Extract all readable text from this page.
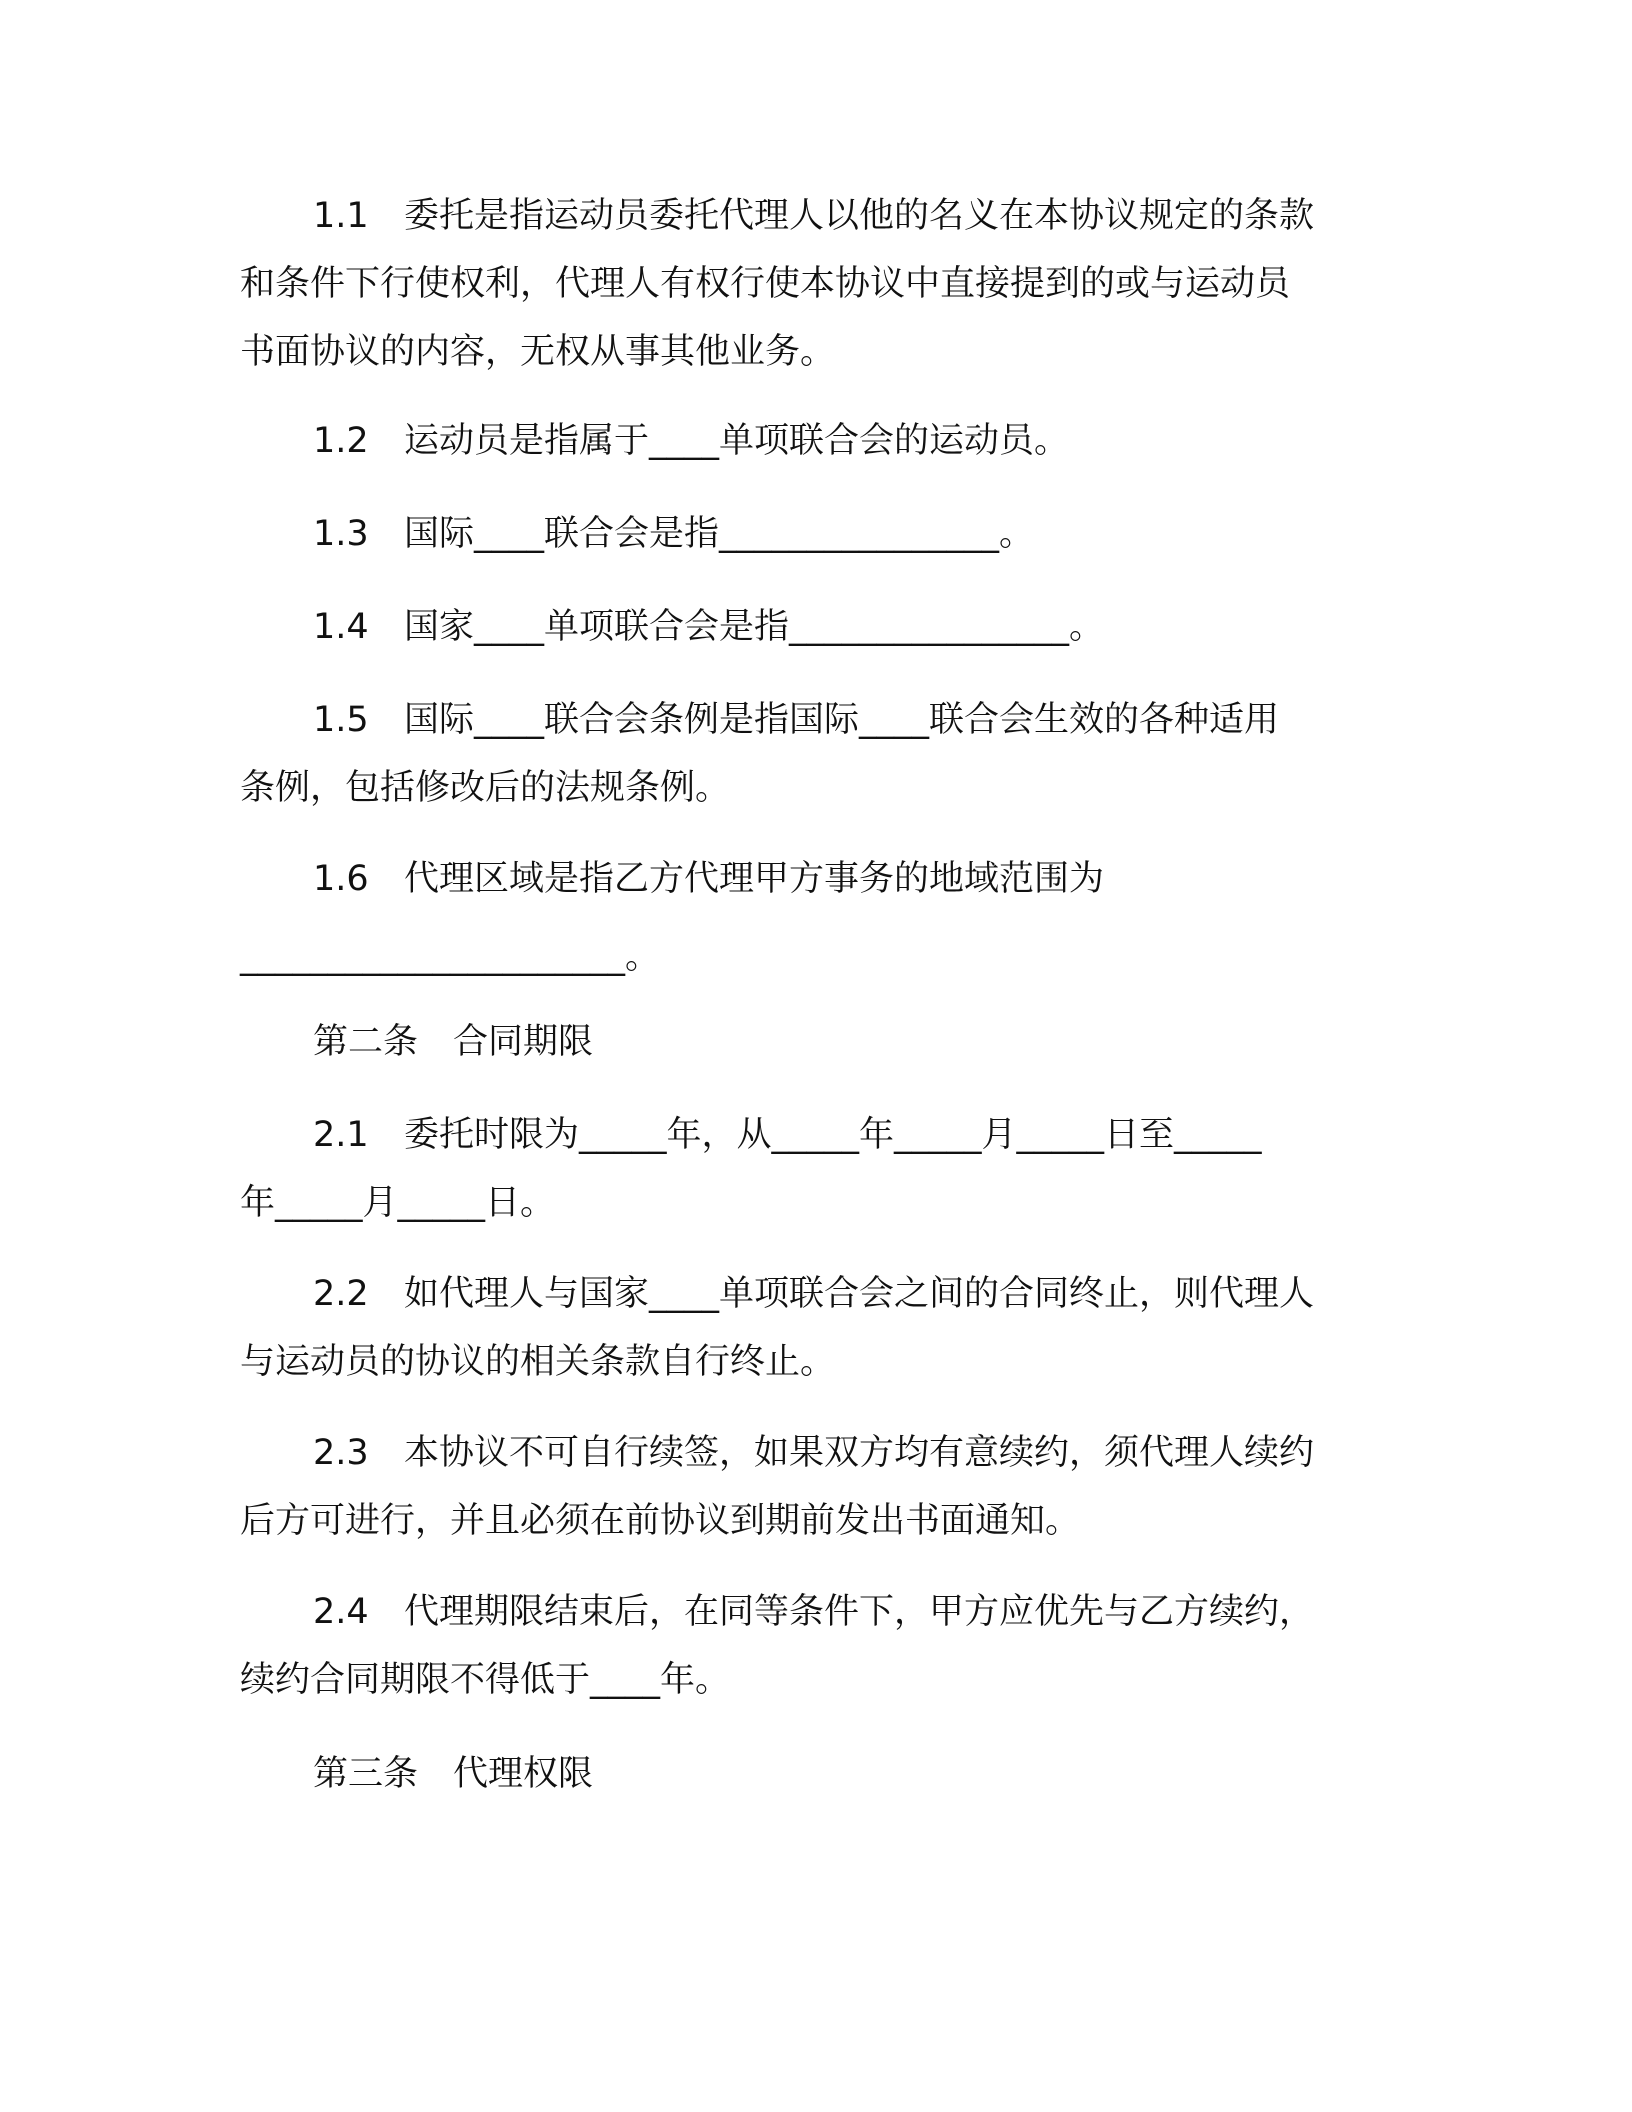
1.1 委托是指运动员委托代理人以他的名义在本协议规定的条款
和条件下行使权利，代理人有权行使本协议中直接提到的或与运动员
书面协议的内容，无权从事其他业务。
1.2 运动员是指属于____单项联合会的运动员。
1.3 国际____联合会是指________________。
1.4 国家____单项联合会是指________________。
1.5 国际____联合会条例是指国际____联合会生效的各种适用
条例，包括修改后的法规条例。
1.6 代理区域是指乙方代理甲方事务的地域范围为
______________________。
第二条　合同期限
2.1 委托时限为_____年，从_____年_____月_____日至_____
年_____月_____日。
2.2 如代理人与国家____单项联合会之间的合同终止，则代理人
与运动员的协议的相关条款自行终止。
2.3 本协议不可自行续签，如果双方均有意续约，须代理人续约
后方可进行，并且必须在前协议到期前发出书面通知。
2.4 代理期限结束后，在同等条件下，甲方应优先与乙方续约，
续约合同期限不得低于____年。
第三条　代理权限
